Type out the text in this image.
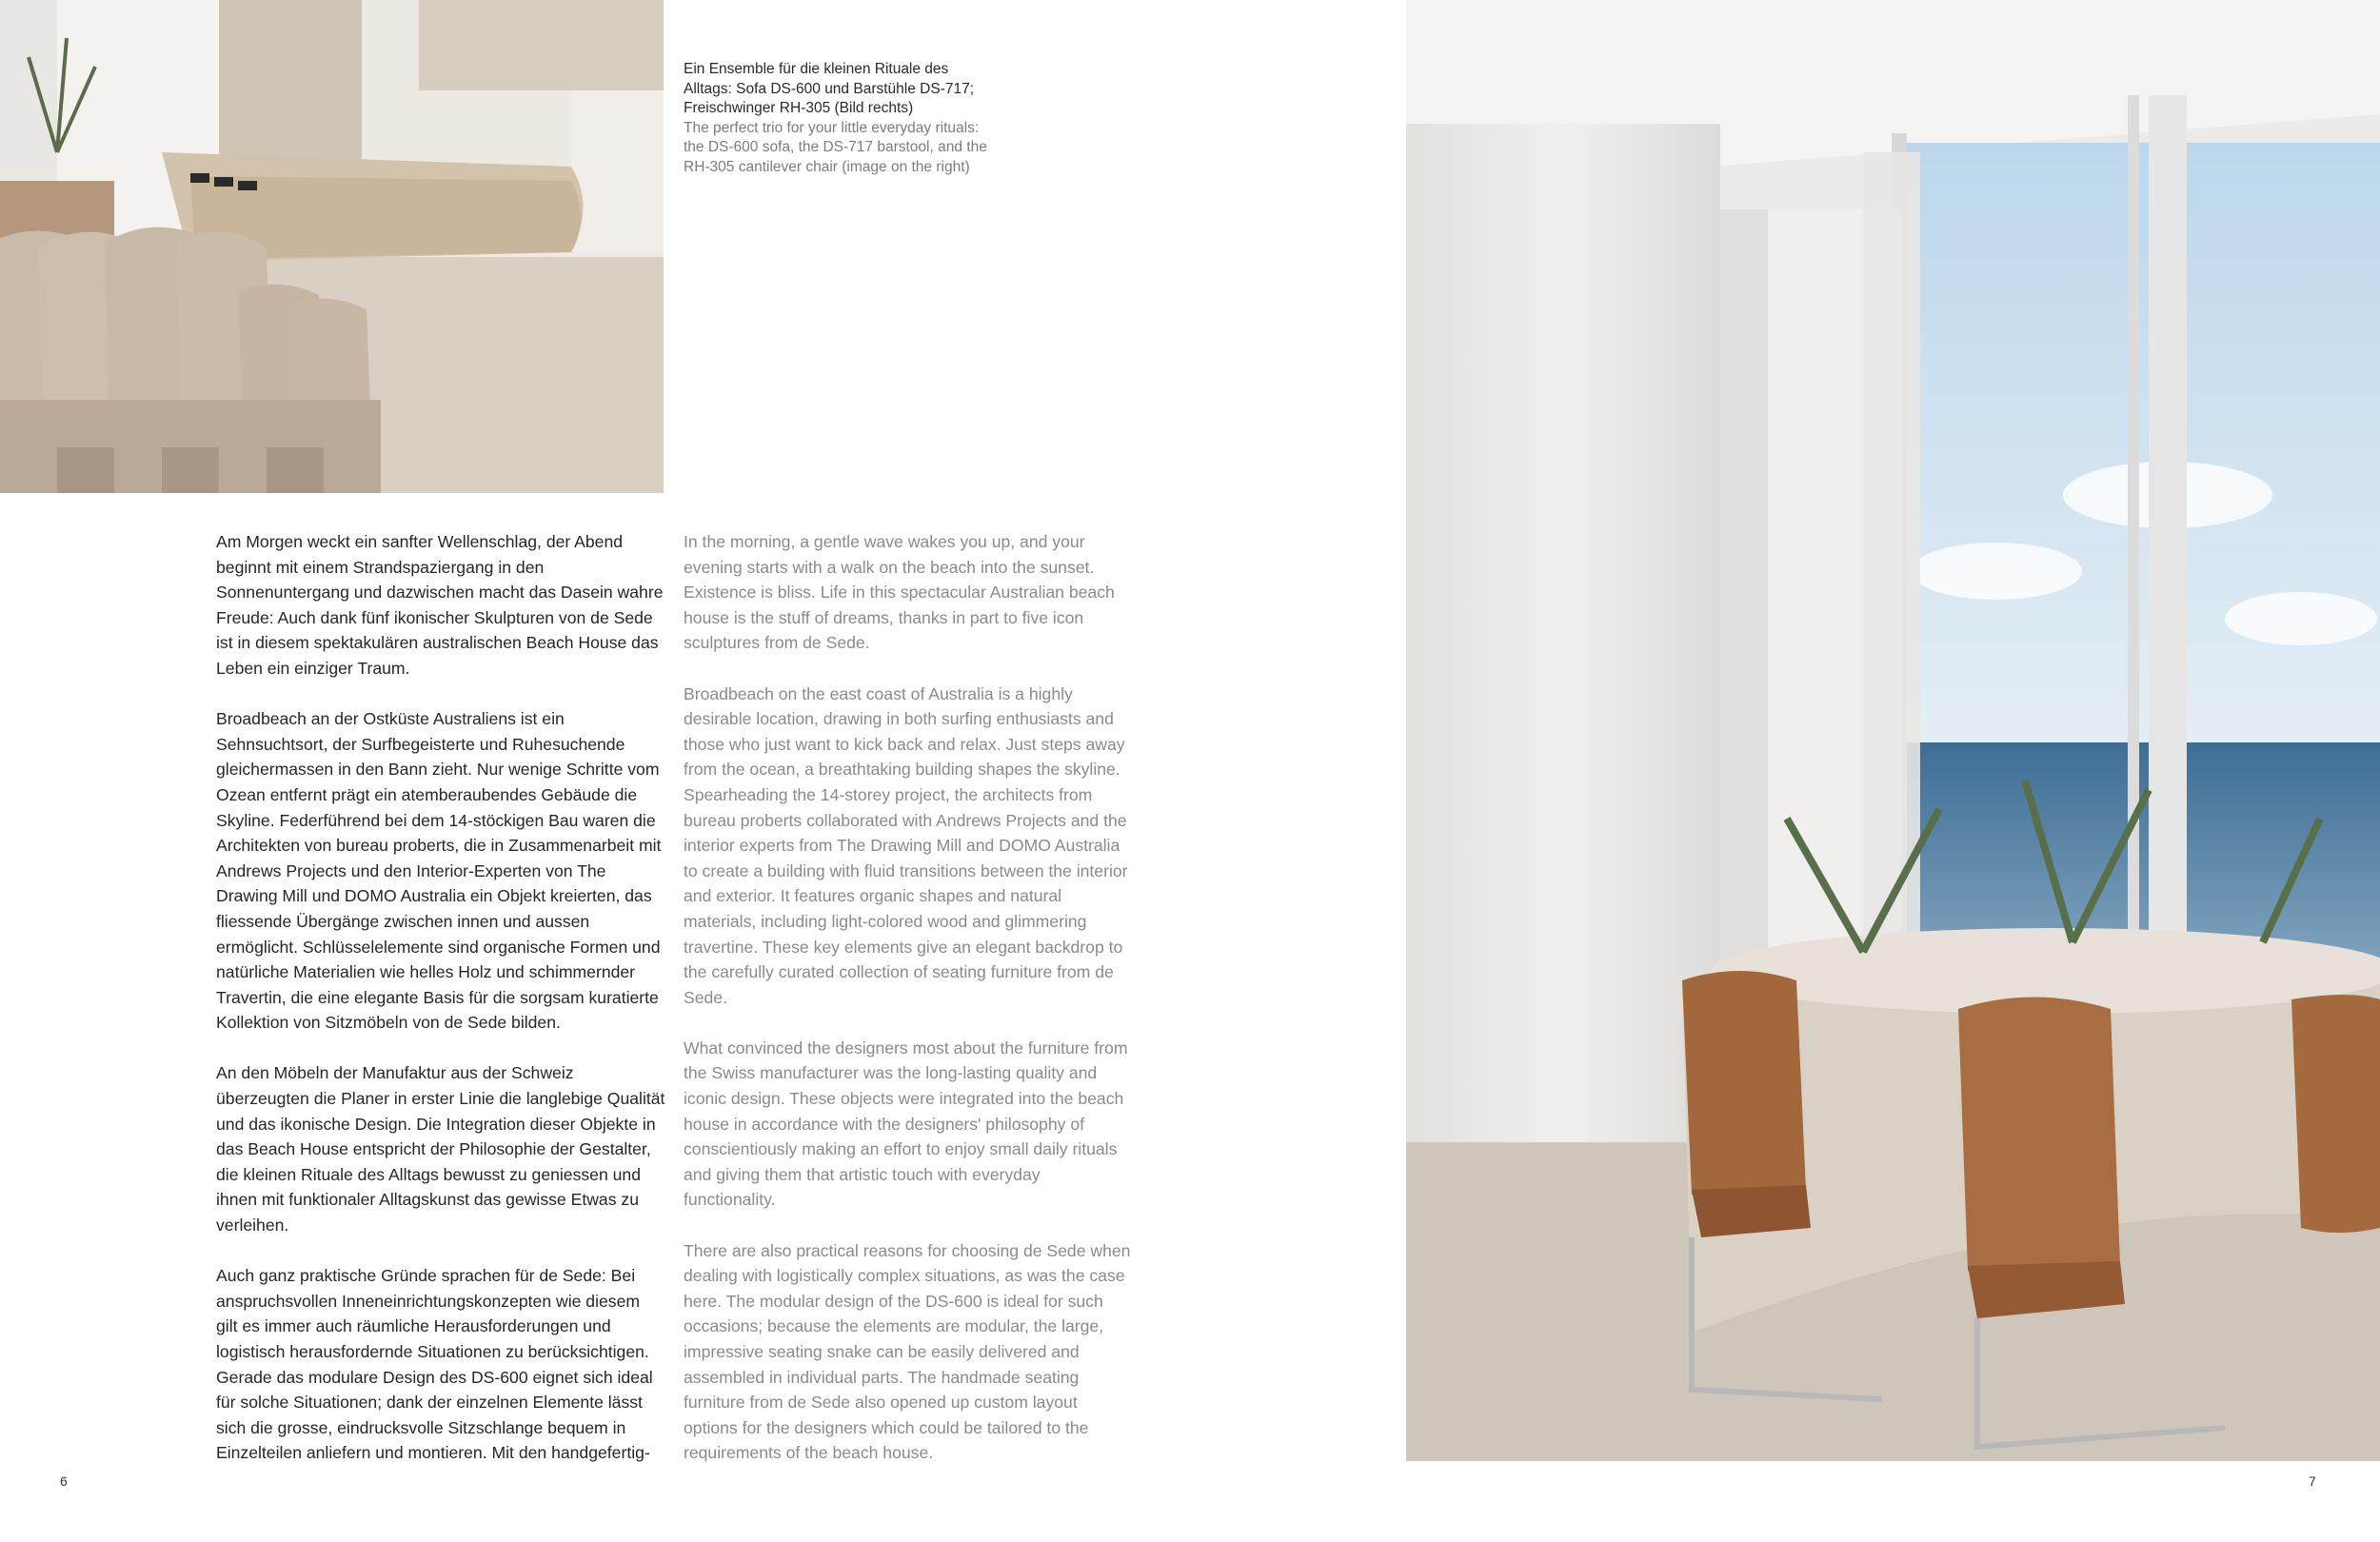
Ein Ensemble für die kleinen Rituale des Alltags: Sofa DS-600 und Barstühle DS-717; Freischwinger RH-305 (Bild rechts)

The perfect trio for your little everyday rituals: the DS-600 sofa, the DS-717 barstool, and the RH-305 cantilever chair (image on the right)

Am Morgen weckt ein sanfter Wellenschlag, der Abend beginnt mit einem Strandspaziergang in den Sonnenuntergang und dazwischen macht das Dasein wahre Freude: Auch dank fünf ikonischer Skulpturen von de Sede ist in diesem spektakulären australischen Beach House das Leben ein einziger Traum.

Broadbeach an der Ostküste Australiens ist ein Sehnsuchtsort, der Surfbegeisterte und Ruhesuchende gleichermassen in den Bann zieht. Nur wenige Schritte vom Ozean entfernt prägt ein atemberaubendes Gebäude die Skyline. Federführend bei dem 14-stöckigen Bau waren die Architekten von bureau proberts, die in Zusammenarbeit mit Andrews Projects und den Interior-Experten von The Drawing Mill und DOMO Australia ein Objekt kreierten, das fliessende Übergänge zwischen innen und aussen ermöglicht. Schlüsselelemente sind organische Formen und natürliche Materialien wie helles Holz und schimmernder Travertin, die eine elegante Basis für die sorgsam kuratierte Kollektion von Sitzmöbeln von de Sede bilden.

An den Möbeln der Manufaktur aus der Schweiz überzeugten die Planer in erster Linie die langlebige Qualität und das ikonische Design. Die Integration dieser Objekte in das Beach House entspricht der Philosophie der Gestalter, die kleinen Rituale des Alltags bewusst zu geniessen und ihnen mit funktionaler Alltagskunst das gewisse Etwas zu verleihen.

Auch ganz praktische Gründe sprachen für de Sede: Bei anspruchsvollen Inneneinrichtungskonzepten wie diesem gilt es immer auch räumliche Herausforderungen und logistisch herausfordernde Situationen zu berücksichtigen. Gerade das modulare Design des DS-600 eignet sich ideal für solche Situationen; dank der einzelnen Elemente lässt sich die grosse, eindrucksvolle Sitzschlange bequem in Einzelteilen anliefern und montieren. Mit den handgefertig-

In the morning, a gentle wave wakes you up, and your evening starts with a walk on the beach into the sunset. Existence is bliss. Life in this spectacular Australian beach house is the stuff of dreams, thanks in part to five icon sculptures from de Sede.

Broadbeach on the east coast of Australia is a highly desirable location, drawing in both surfing enthusiasts and those who just want to kick back and relax. Just steps away from the ocean, a breathtaking building shapes the skyline. Spearheading the 14-storey project, the architects from bureau proberts collaborated with Andrews Projects and the interior experts from The Drawing Mill and DOMO Australia to create a building with fluid transitions between the interior and exterior. It features organic shapes and natural materials, including light-colored wood and glimmering travertine. These key elements give an elegant backdrop to the carefully curated collection of seating furniture from de Sede.

What convinced the designers most about the furniture from the Swiss manufacturer was the long-lasting quality and iconic design. These objects were integrated into the beach house in accordance with the designers' philosophy of conscientiously making an effort to enjoy small daily rituals and giving them that artistic touch with everyday functionality.

There are also practical reasons for choosing de Sede when dealing with logistically complex situations, as was the case here. The modular design of the DS-600 is ideal for such occasions; because the elements are modular, the large, impressive seating snake can be easily delivered and assembled in individual parts. The handmade seating furniture from de Sede also opened up custom layout options for the designers which could be tailored to the requirements of the beach house.

6	7
